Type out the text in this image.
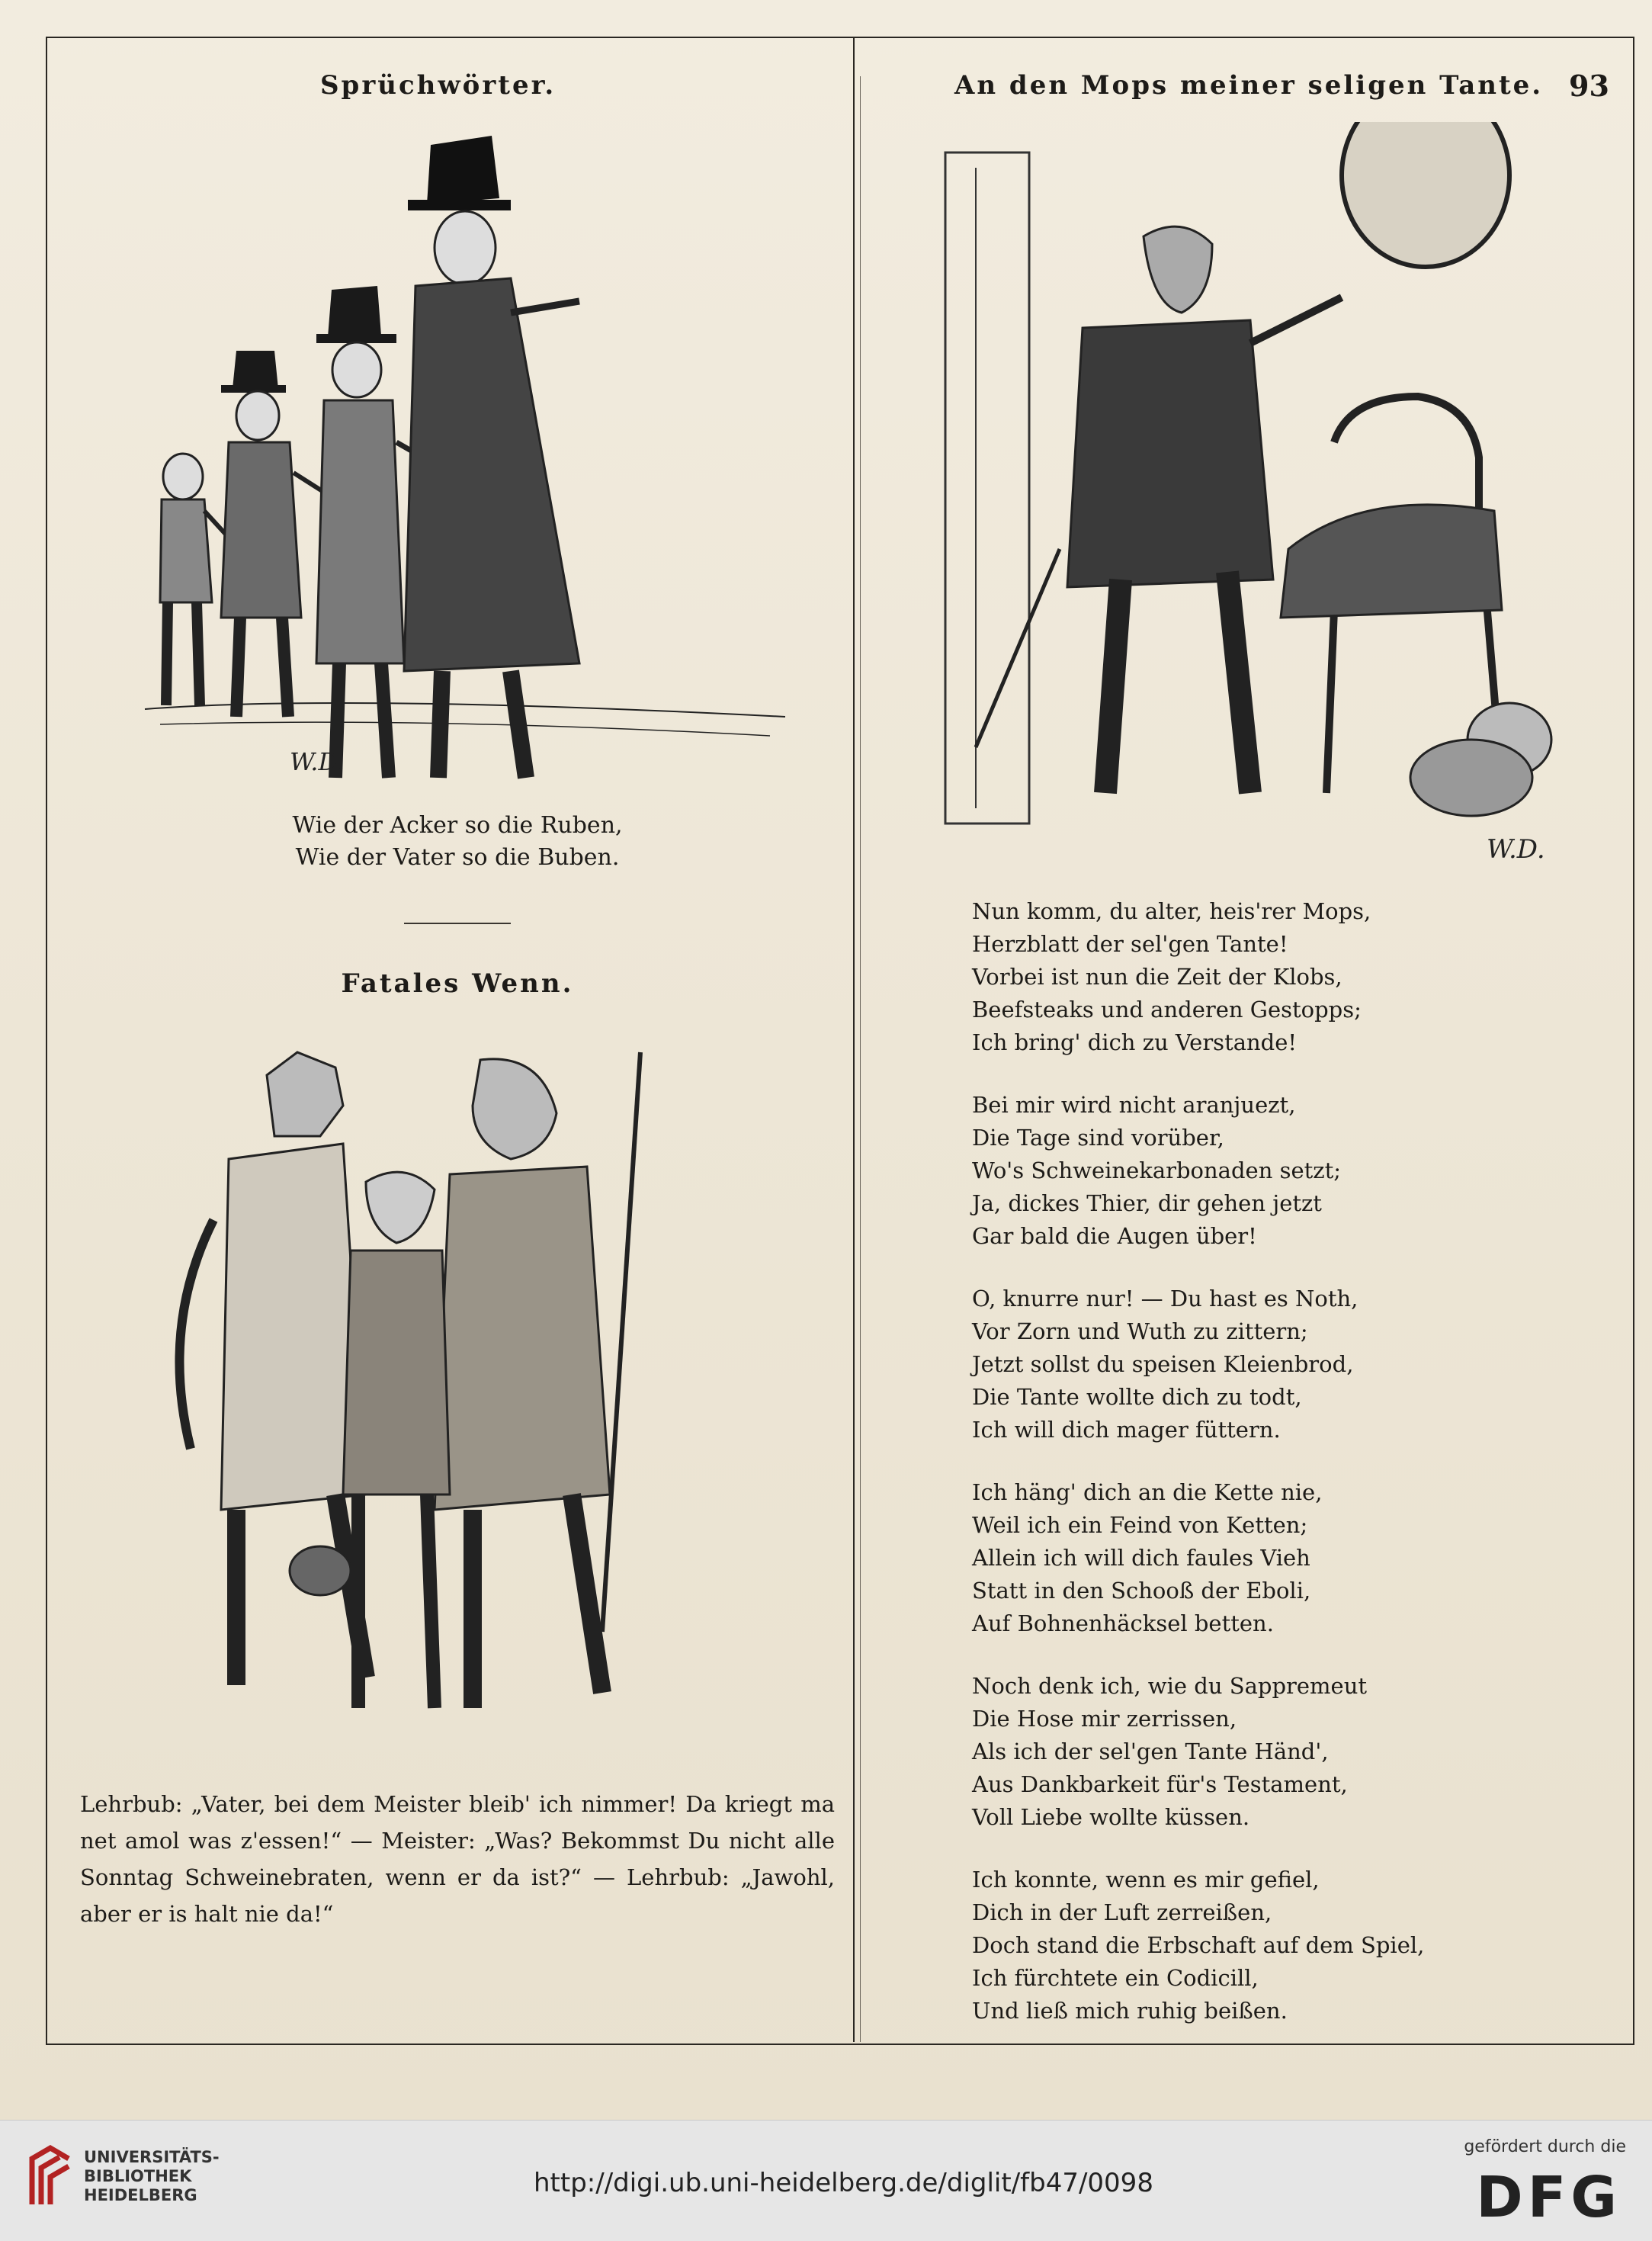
Sprüchwörter.	An den Mops meiner seligen Tante. 93
W.D.
Wie der Acker so die Ruben,
Wie der Vater so die Buben.
Fatales Wenn.
Lehrbub: „Vater, bei dem Meister bleib' ich nimmer! Da kriegt ma net amol was z'essen!“ — Meister: „Was? Bekommst Du nicht alle Sonntag Schweinebraten, wenn er da ist?“ — Lehrbub: „Jawohl, aber er is halt nie da!“
W.D.
Nun komm, du alter, heis'rer Mops,
Herzblatt der sel'gen Tante!
Vorbei ist nun die Zeit der Klobs,
Beefsteaks und anderen Gestopps;
Ich bring' dich zu Verstande!
Bei mir wird nicht aranjuezt,
Die Tage sind vorüber,
Wo's Schweinekarbonaden setzt;
Ja, dickes Thier, dir gehen jetzt
Gar bald die Augen über!
O, knurre nur! — Du hast es Noth,
Vor Zorn und Wuth zu zittern;
Jetzt sollst du speisen Kleienbrod,
Die Tante wollte dich zu todt,
Ich will dich mager füttern.
Ich häng' dich an die Kette nie,
Weil ich ein Feind von Ketten;
Allein ich will dich faules Vieh
Statt in den Schooß der Eboli,
Auf Bohnenhäcksel betten.
Noch denk ich, wie du Sappremeut
Die Hose mir zerrissen,
Als ich der sel'gen Tante Händ',
Aus Dankbarkeit für's Testament,
Voll Liebe wollte küssen.
Ich konnte, wenn es mir gefiel,
Dich in der Luft zerreißen,
Doch stand die Erbschaft auf dem Spiel,
Ich fürchtete ein Codicill,
Und ließ mich ruhig beißen.
UNIVERSITÄTS-
BIBLIOTHEK
HEIDELBERG	http://digi.ub.uni-heidelberg.de/diglit/fb47/0098
gefördert durch die
DFG
